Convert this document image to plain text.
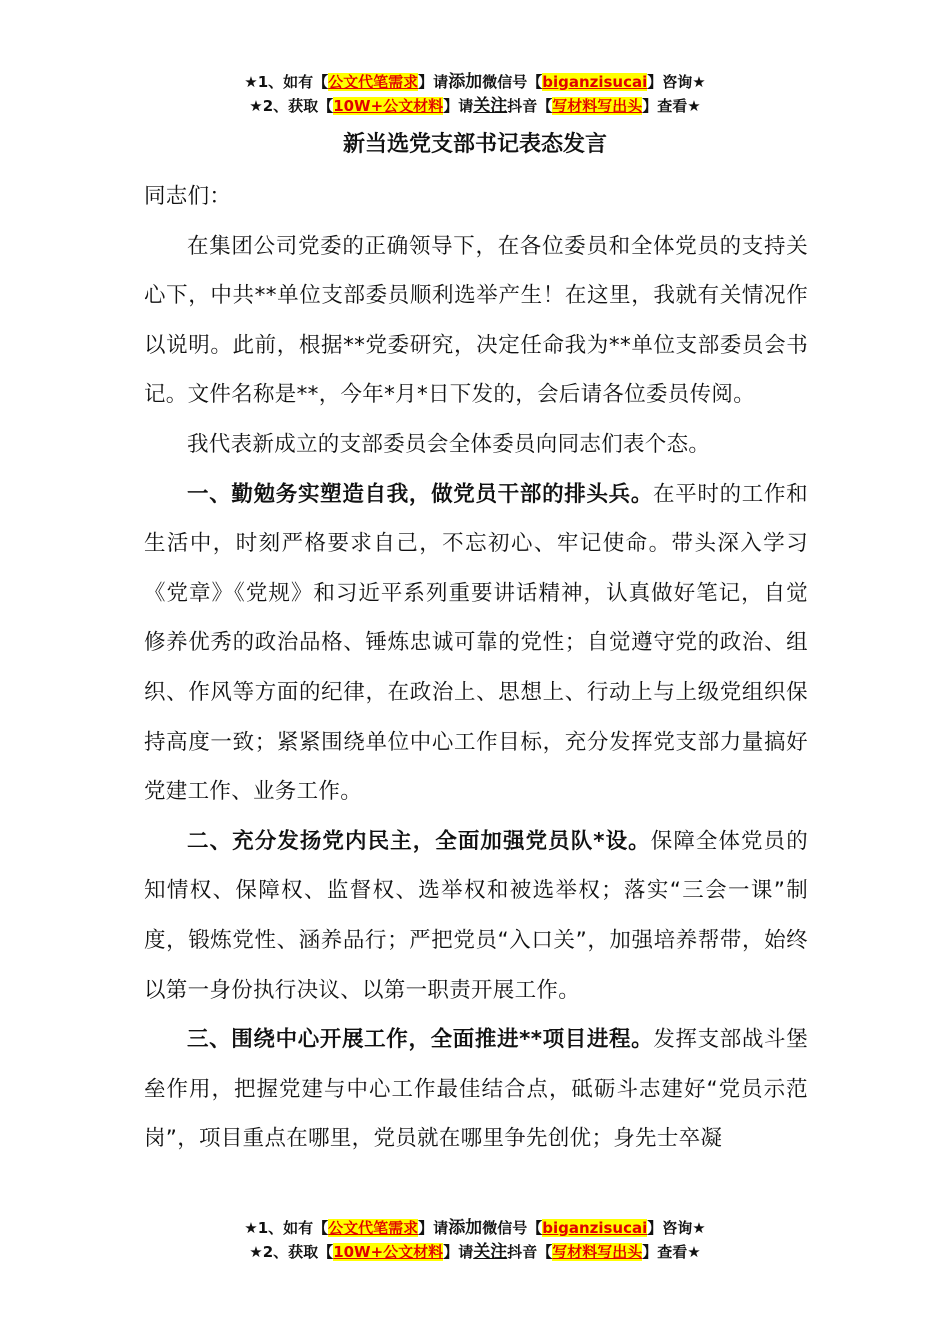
★1、如有【公文代笔需求】请添加微信号【biganzisucai】咨询★
★2、获取【10W+公文材料】请关注抖音【写材料写出头】查看★
新当选党支部书记表态发言

同志们：

在集团公司党委的正确领导下，在各位委员和全体党员的支持关心下，中共**单位支部委员顺利选举产生！在这里，我就有关情况作以说明。此前，根据**党委研究，决定任命我为**单位支部委员会书记。文件名称是**，今年*月*日下发的，会后请各位委员传阅。

我代表新成立的支部委员会全体委员向同志们表个态。

一、勤勉务实塑造自我，做党员干部的排头兵。在平时的工作和生活中，时刻严格要求自己，不忘初心、牢记使命。带头深入学习《党章》《党规》和习近平系列重要讲话精神，认真做好笔记，自觉修养优秀的政治品格、锤炼忠诚可靠的党性；自觉遵守党的政治、组织、作风等方面的纪律，在政治上、思想上、行动上与上级党组织保持高度一致；紧紧围绕单位中心工作目标，充分发挥党支部力量搞好党建工作、业务工作。

二、充分发扬党内民主，全面加强党员队*设。保障全体党员的知情权、保障权、监督权、选举权和被选举权；落实“三会一课”制度，锻炼党性、涵养品行；严把党员“入口关”，加强培养帮带，始终以第一身份执行决议、以第一职责开展工作。

三、围绕中心开展工作，全面推进**项目进程。发挥支部战斗堡垒作用，把握党建与中心工作最佳结合点，砥砺斗志建好“党员示范岗”，项目重点在哪里，党员就在哪里争先创优；身先士卒凝

★1、如有【公文代笔需求】请添加微信号【biganzisucai】咨询★
★2、获取【10W+公文材料】请关注抖音【写材料写出头】查看★
